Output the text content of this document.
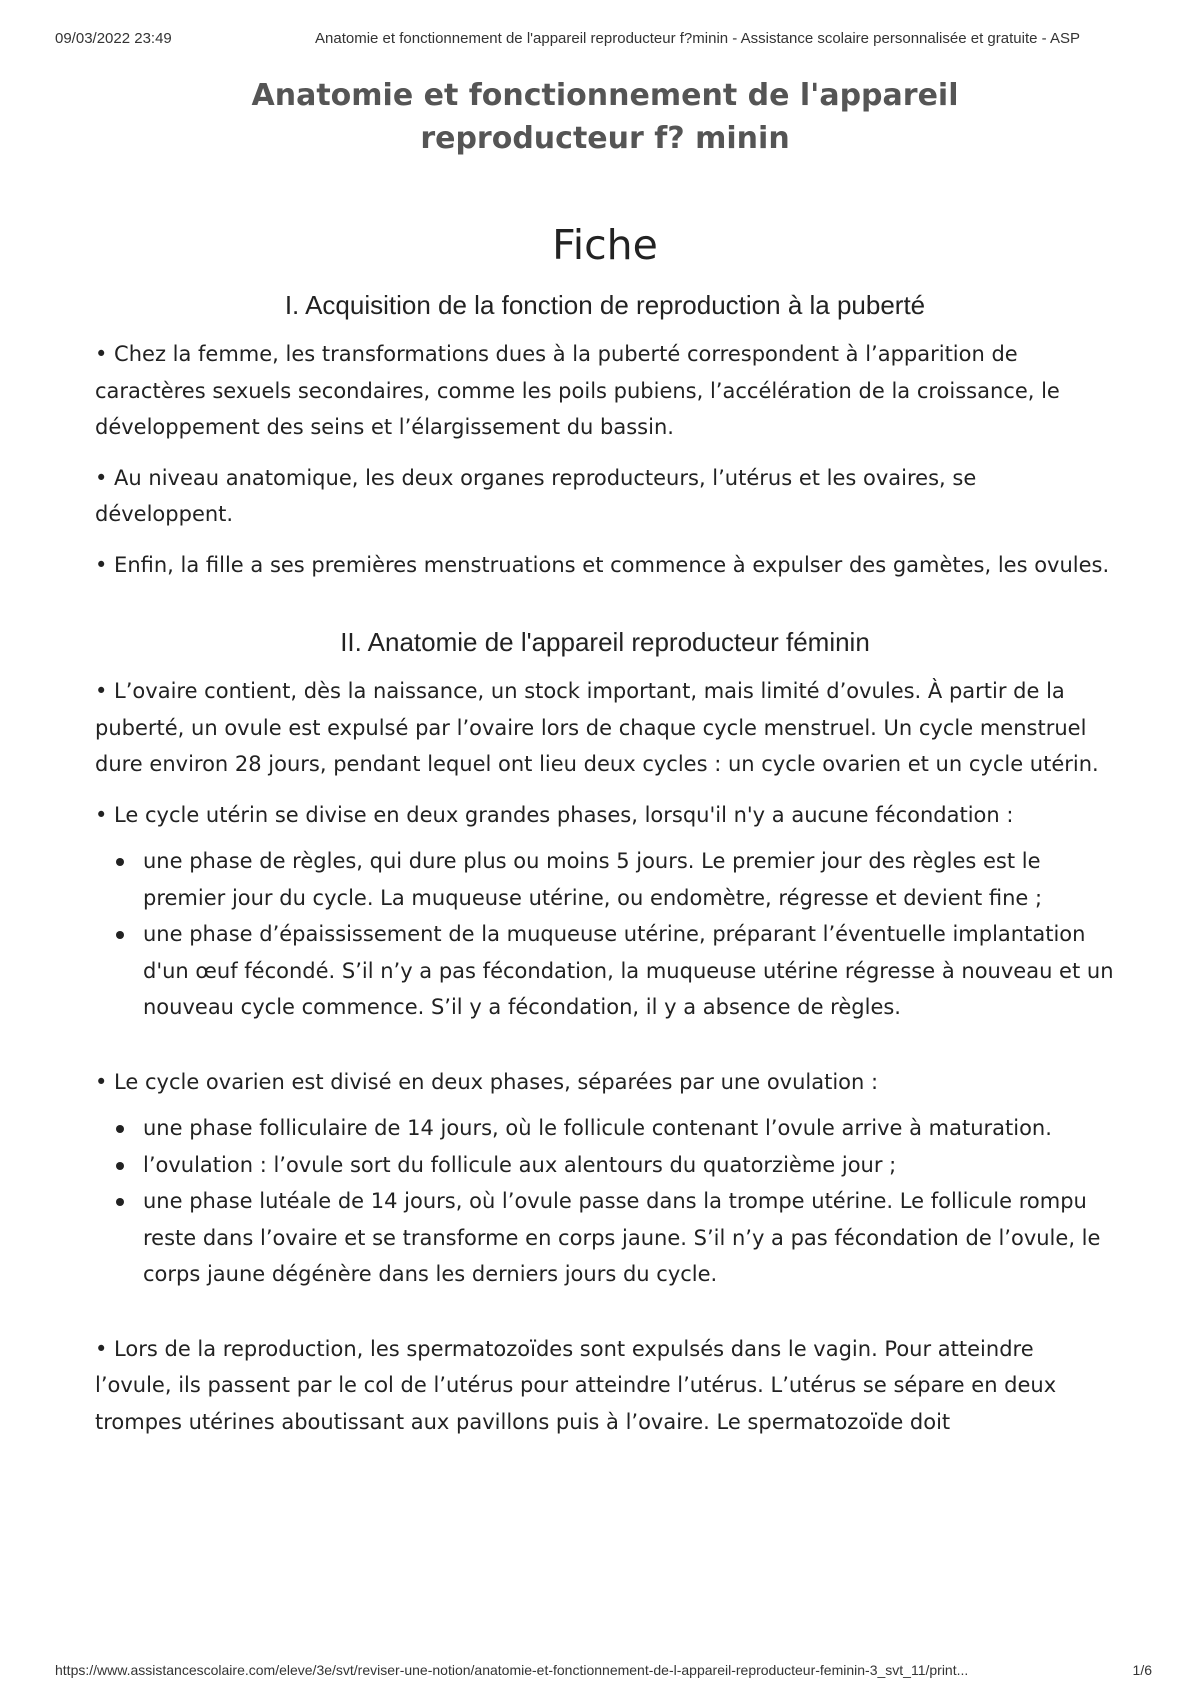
09/03/2022 23:49	Anatomie et fonctionnement de l'appareil reproducteur f?minin - Assistance scolaire personnalisée et gratuite - ASP
Anatomie et fonctionnement de l'appareil reproducteur f? minin
Fiche
I. Acquisition de la fonction de reproduction à la puberté

• Chez la femme, les transformations dues à la puberté correspondent à l’apparition de caractères sexuels secondaires, comme les poils pubiens, l’accélération de la croissance, le développement des seins et l’élargissement du bassin.

• Au niveau anatomique, les deux organes reproducteurs, l’utérus et les ovaires, se développent.

• Enfin, la fille a ses premières menstruations et commence à expulser des gamètes, les ovules.

II. Anatomie de l'appareil reproducteur féminin

• L’ovaire contient, dès la naissance, un stock important, mais limité d’ovules. À partir de la puberté, un ovule est expulsé par l’ovaire lors de chaque cycle menstruel. Un cycle menstruel dure environ 28 jours, pendant lequel ont lieu deux cycles : un cycle ovarien et un cycle utérin.

• Le cycle utérin se divise en deux grandes phases, lorsqu'il n'y a aucune fécondation :

une phase de règles, qui dure plus ou moins 5 jours. Le premier jour des règles est le premier jour du cycle. La muqueuse utérine, ou endomètre, régresse et devient fine ;
une phase d’épaississement de la muqueuse utérine, préparant l’éventuelle implantation d'un œuf fécondé. S’il n’y a pas fécondation, la muqueuse utérine régresse à nouveau et un nouveau cycle commence. S’il y a fécondation, il y a absence de règles.

• Le cycle ovarien est divisé en deux phases, séparées par une ovulation :

une phase folliculaire de 14 jours, où le follicule contenant l’ovule arrive à maturation.
l’ovulation : l’ovule sort du follicule aux alentours du quatorzième jour ;
une phase lutéale de 14 jours, où l’ovule passe dans la trompe utérine. Le follicule rompu reste dans l’ovaire et se transforme en corps jaune. S’il n’y a pas fécondation de l’ovule, le corps jaune dégénère dans les derniers jours du cycle.

• Lors de la reproduction, les spermatozoïdes sont expulsés dans le vagin. Pour atteindre l’ovule, ils passent par le col de l’utérus pour atteindre l’utérus. L’utérus se sépare en deux trompes utérines aboutissant aux pavillons puis à l’ovaire. Le spermatozoïde doit

https://www.assistancescolaire.com/eleve/3e/svt/reviser-une-notion/anatomie-et-fonctionnement-de-l-appareil-reproducteur-feminin-3_svt_11/print...	1/6
